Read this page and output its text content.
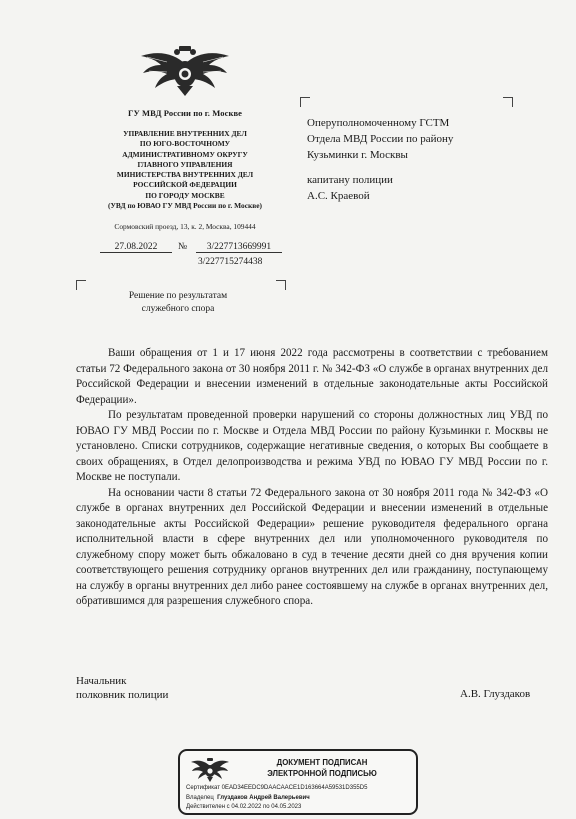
ГУ МВД России по г. Москве
УПРАВЛЕНИЕ ВНУТРЕННИХ ДЕЛ
ПО ЮГО-ВОСТОЧНОМУ
АДМИНИСТРАТИВНОМУ ОКРУГУ
ГЛАВНОГО УПРАВЛЕНИЯ
МИНИСТЕРСТВА ВНУТРЕННИХ ДЕЛ
РОССИЙСКОЙ ФЕДЕРАЦИИ
ПО ГОРОДУ МОСКВЕ
(УВД по ЮВАО ГУ МВД России по г. Москве)
Сормовский проезд, 13, к. 2, Москва, 109444
27.08.2022	№	3/227713669991
3/227715274438
Решение по результатам
служебного спора
Оперуполномоченному ГСТМ
Отдела МВД России по району
Кузьминки г. Москвы
капитану полиции
А.С. Краевой

Ваши обращения от 1 и 17 июня 2022 года рассмотрены в соответствии с требованием статьи 72 Федерального закона от 30 ноября 2011 г. № 342-ФЗ «О службе в органах внутренних дел Российской Федерации и внесении изменений в отдельные законодательные акты Российской Федерации».

По результатам проведенной проверки нарушений со стороны должностных лиц УВД по ЮВАО ГУ МВД России по г. Москве и Отдела МВД России по району Кузьминки г. Москвы не установлено. Списки сотрудников, содержащие негативные сведения, о которых Вы сообщаете в своих обращениях, в Отдел делопроизводства и режима УВД по ЮВАО ГУ МВД России по г. Москве не поступали.

На основании части 8 статьи 72 Федерального закона от 30 ноября 2011 года № 342-ФЗ «О службе в органах внутренних дел Российской Федерации и внесении изменений в отдельные законодательные акты Российской Федерации» решение руководителя федерального органа исполнительной власти в сфере внутренних дел или уполномоченного руководителя по служебному спору может быть обжаловано в суд в течение десяти дней со дня вручения копии соответствующего решения сотруднику органов внутренних дел или гражданину, поступающему на службу в органы внутренних дел либо ранее состоявшему на службе в органах внутренних дел, обратившимся для разрешения служебного спора.

Начальник
полковник полиции	А.В. Глуздаков
ДОКУМЕНТ ПОДПИСАН
ЭЛЕКТРОННОЙ ПОДПИСЬЮ
Сертификат 0EAD34EEDC9DAACAACE1D163664A59531D355D5
Владелец Глуздаков Андрей Валерьевич
Действителен с 04.02.2022 по 04.05.2023
